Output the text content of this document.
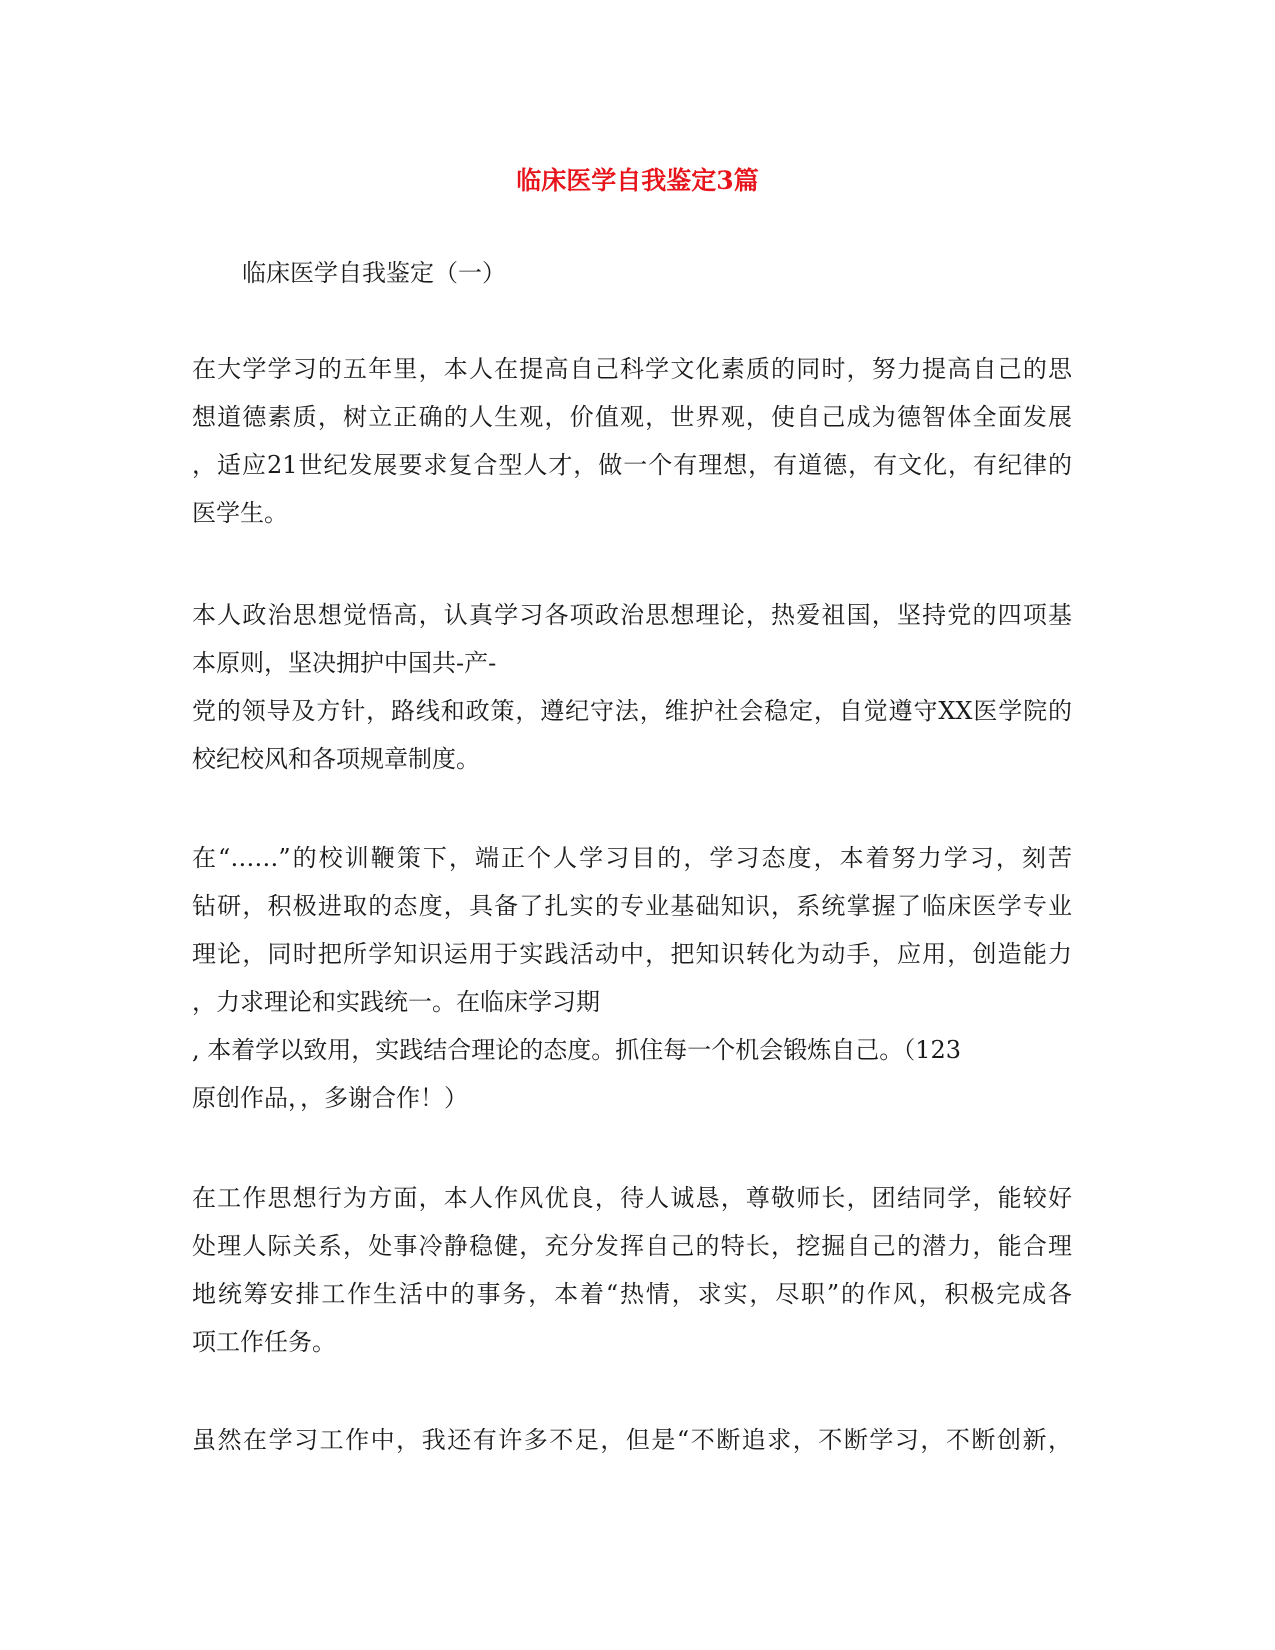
临床医学自我鉴定3篇
临床医学自我鉴定（一）
在大学学习的五年里，本人在提高自己科学文化素质的同时，努力提高自己的思
想道德素质，树立正确的人生观，价值观，世界观，使自己成为德智体全面发展
，适应21世纪发展要求复合型人才，做一个有理想，有道德，有文化，有纪律的
医学生。
本人政治思想觉悟高，认真学习各项政治思想理论，热爱祖国，坚持党的四项基
本原则，坚决拥护中国共-产-
党的领导及方针，路线和政策，遵纪守法，维护社会稳定，自觉遵守XX医学院的
校纪校风和各项规章制度。
在“……”的校训鞭策下，端正个人学习目的，学习态度，本着努力学习，刻苦
钻研，积极进取的态度，具备了扎实的专业基础知识，系统掌握了临床医学专业
理论，同时把所学知识运用于实践活动中，把知识转化为动手，应用，创造能力
，力求理论和实践统一。在临床学习期
, 本着学以致用，实践结合理论的态度。抓住每一个机会锻炼自己。（123
原创作品，，多谢合作！）
在工作思想行为方面，本人作风优良，待人诚恳，尊敬师长，团结同学，能较好
处理人际关系，处事冷静稳健，充分发挥自己的特长，挖掘自己的潜力，能合理
地统筹安排工作生活中的事务，本着“热情，求实，尽职”的作风，积极完成各
项工作任务。
虽然在学习工作中，我还有许多不足，但是“不断追求，不断学习，不断创新，
